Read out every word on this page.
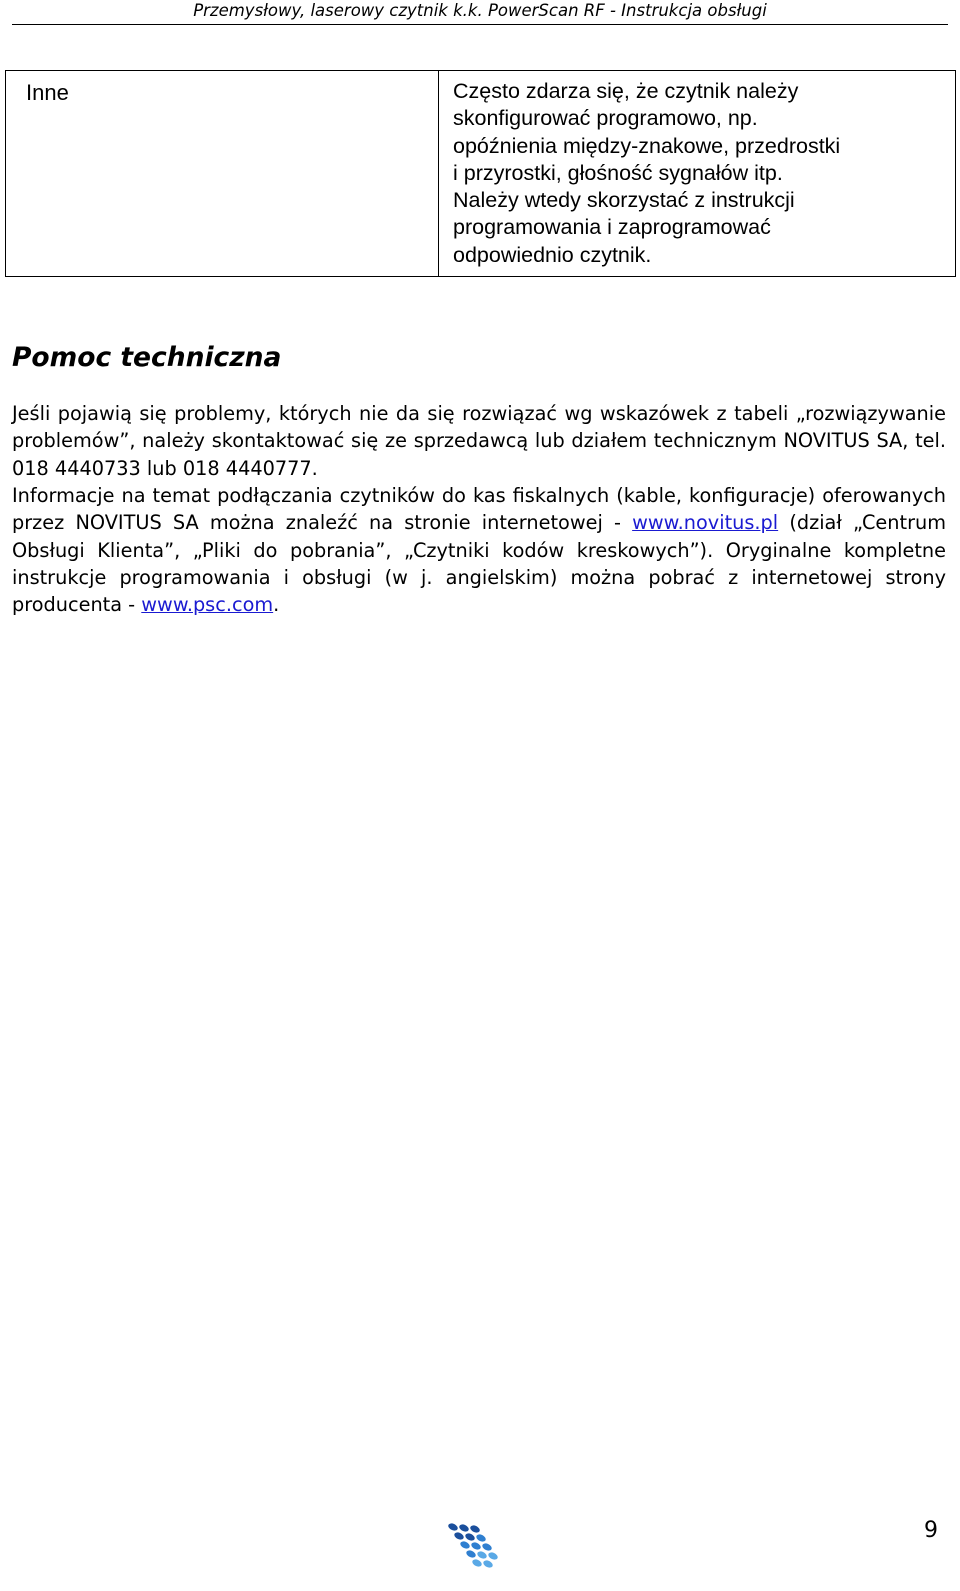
Przemysłowy, laserowy czytnik k.k. PowerScan RF - Instrukcja obsługi
Inne	Często zdarza się, że czytnik należy
skonfigurować programowo, np.
opóźnienia między-znakowe, przedrostki
i przyrostki, głośność sygnałów itp.
Należy wtedy skorzystać z instrukcji
programowania i zaprogramować
odpowiednio czytnik.
Pomoc techniczna

Jeśli pojawią się problemy, których nie da się rozwiązać wg wskazówek z tabeli „rozwiązywanie problemów”, należy skontaktować się ze sprzedawcą lub działem technicznym NOVITUS SA, tel. 018 4440733 lub 018 4440777.

Informacje na temat podłączania czytników do kas fiskalnych (kable, konfiguracje) oferowanych przez NOVITUS SA można znaleźć na stronie internetowej - www.novitus.pl (dział „Centrum Obsługi Klienta”, „Pliki do pobrania”, „Czytniki kodów kreskowych”). Oryginalne kompletne instrukcje programowania i obsługi (w j. angielskim) można pobrać z internetowej strony producenta - www.psc.com.

9
